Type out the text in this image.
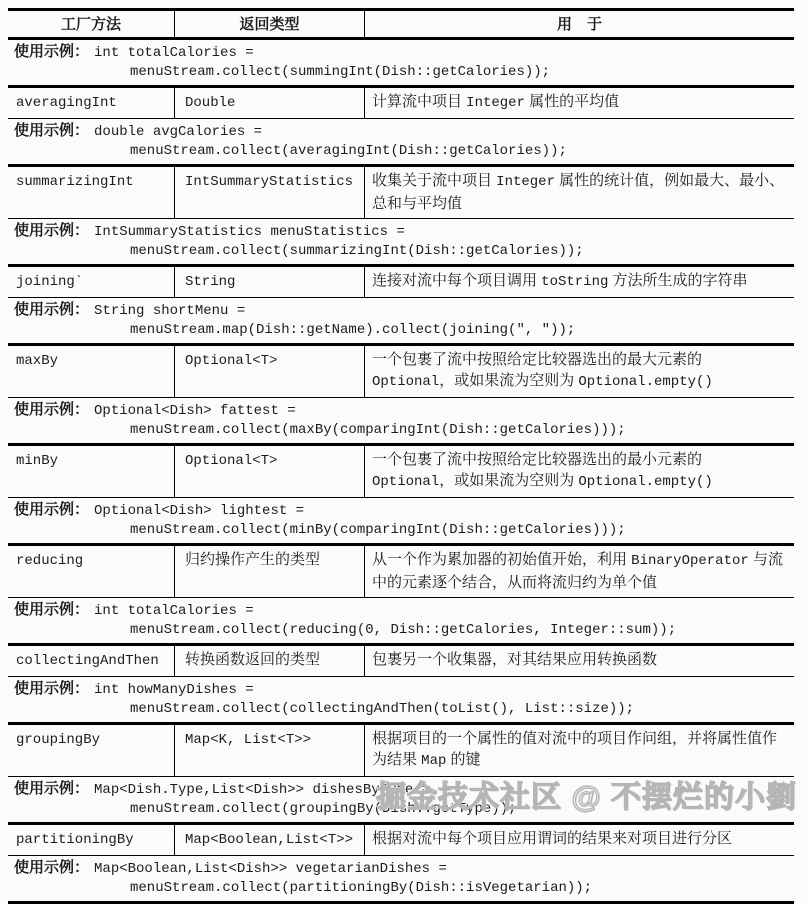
工厂方法	返回类型	用　于
使用示例： int totalCalories =
menuStream.collect(summingInt(Dish::getCalories));
averagingInt	Double	计算流中项目 Integer 属性的平均值
使用示例： double avgCalories =
menuStream.collect(averagingInt(Dish::getCalories));
summarizingInt	IntSummaryStatistics	收集关于流中项目 Integer 属性的统计值，例如最大、最小、总和与平均值
使用示例： IntSummaryStatistics menuStatistics =
menuStream.collect(summarizingInt(Dish::getCalories));
joining`	String	连接对流中每个项目调用 toString 方法所生成的字符串
使用示例： String shortMenu =
menuStream.map(Dish::getName).collect(joining(", "));
maxBy	Optional<T>	一个包裹了流中按照给定比较器选出的最大元素的 Optional，或如果流为空则为 Optional.empty()
使用示例： Optional<Dish> fattest =
menuStream.collect(maxBy(comparingInt(Dish::getCalories)));
minBy	Optional<T>	一个包裹了流中按照给定比较器选出的最小元素的 Optional，或如果流为空则为 Optional.empty()
使用示例： Optional<Dish> lightest =
menuStream.collect(minBy(comparingInt(Dish::getCalories)));
reducing	归约操作产生的类型	从一个作为累加器的初始值开始，利用 BinaryOperator 与流中的元素逐个结合，从而将流归约为单个值
使用示例： int totalCalories =
menuStream.collect(reducing(0, Dish::getCalories, Integer::sum));
collectingAndThen	转换函数返回的类型	包裹另一个收集器，对其结果应用转换函数
使用示例： int howManyDishes =
menuStream.collect(collectingAndThen(toList(), List::size));
groupingBy	Map<K, List<T>>	根据项目的一个属性的值对流中的项目作问组，并将属性值作为结果 Map 的键
使用示例： Map<Dish.Type,List<Dish>> dishesByType =
menuStream.collect(groupingBy(Dish::getType));
partitioningBy	Map<Boolean,List<T>>	根据对流中每个项目应用谓词的结果来对项目进行分区
使用示例： Map<Boolean,List<Dish>> vegetarianDishes =
menuStream.collect(partitioningBy(Dish::isVegetarian));
掘金技术社区 @ 不摆烂的小劉
